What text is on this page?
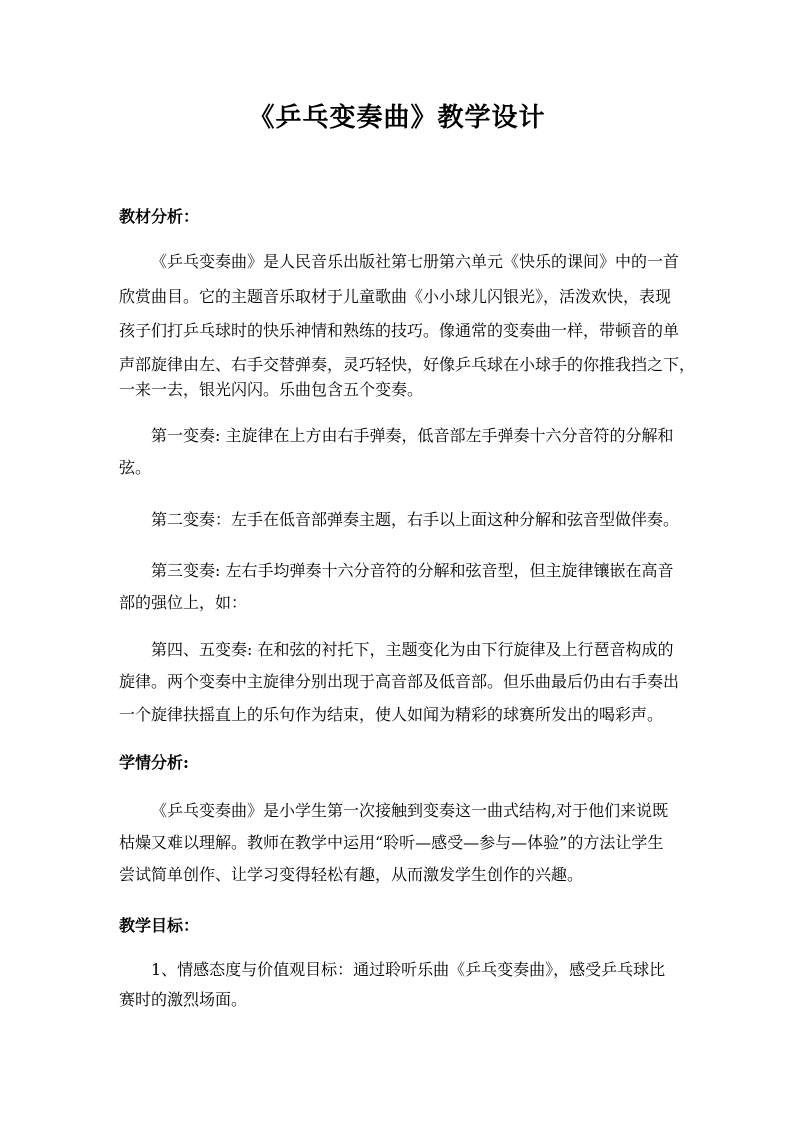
《乒乓变奏曲》教学设计
教材分析：
《乒乓变奏曲》是人民音乐出版社第七册第六单元《快乐的课间》中的一首
欣赏曲目。它的主题音乐取材于儿童歌曲《小小球儿闪银光》，活泼欢快，表现
孩子们打乒乓球时的快乐神情和熟练的技巧。像通常的变奏曲一样，带顿音的单
声部旋律由左、右手交替弹奏，灵巧轻快，好像乒乓球在小球手的你推我挡之下，
一来一去，银光闪闪。乐曲包含五个变奏。
第一变奏: 主旋律在上方由右手弹奏，低音部左手弹奏十六分音符的分解和
弦。
第二变奏：左手在低音部弹奏主题，右手以上面这种分解和弦音型做伴奏。
第三变奏: 左右手均弹奏十六分音符的分解和弦音型，但主旋律镶嵌在高音
部的强位上，如：
第四、五变奏: 在和弦的衬托下，主题变化为由下行旋律及上行琶音构成的
旋律。两个变奏中主旋律分别出现于高音部及低音部。但乐曲最后仍由右手奏出
一个旋律扶摇直上的乐句作为结束，使人如闻为精彩的球赛所发出的喝彩声。
学情分析:
《乒乓变奏曲》是小学生第一次接触到变奏这一曲式结构,对于他们来说既
枯燥又难以理解。教师在教学中运用“聆听—感受—参与—体验”的方法让学生
尝试简单创作、让学习变得轻松有趣，从而激发学生创作的兴趣。
教学目标：
1、情感态度与价值观目标：通过聆听乐曲《乒乓变奏曲》，感受乒乓球比
赛时的激烈场面。
